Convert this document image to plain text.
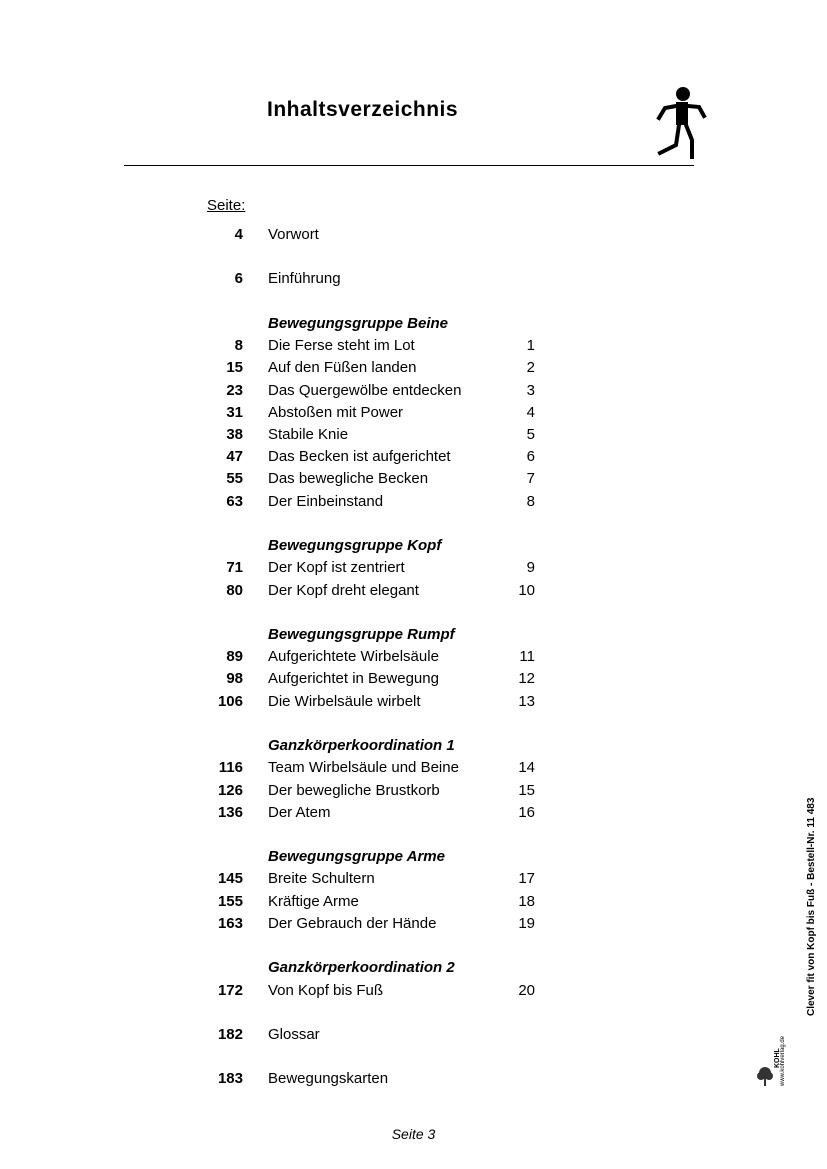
Inhaltsverzeichnis
Seite:
4 Vorwort
6 Einführung
Bewegungsgruppe Beine
8 Die Ferse steht im Lot	1
15 Auf den Füßen landen	2
23 Das Quergewölbe entdecken	3
31 Abstoßen mit Power	4
38 Stabile Knie	5
47 Das Becken ist aufgerichtet	6
55 Das bewegliche Becken	7
63 Der Einbeinstand	8
Bewegungsgruppe Kopf
71 Der Kopf ist zentriert	9
80 Der Kopf dreht elegant	10
Bewegungsgruppe Rumpf
89 Aufgerichtete Wirbelsäule	11
98 Aufgerichtet in Bewegung	12
106 Die Wirbelsäule wirbelt	13
Ganzkörperkoordination 1
116 Team Wirbelsäule und Beine	14
126 Der bewegliche Brustkorb	15
136 Der Atem	16
Bewegungsgruppe Arme
145 Breite Schultern	17
155 Kräftige Arme	18
163 Der Gebrauch der Hände	19
Ganzkörperkoordination 2
172 Von Kopf bis Fuß	20
182 Glossar
183 Bewegungskarten
Seite 3
Clever fit von Kopf bis Fuß - Bestell-Nr. 11 483
KOHL www.kohlverlag.de
